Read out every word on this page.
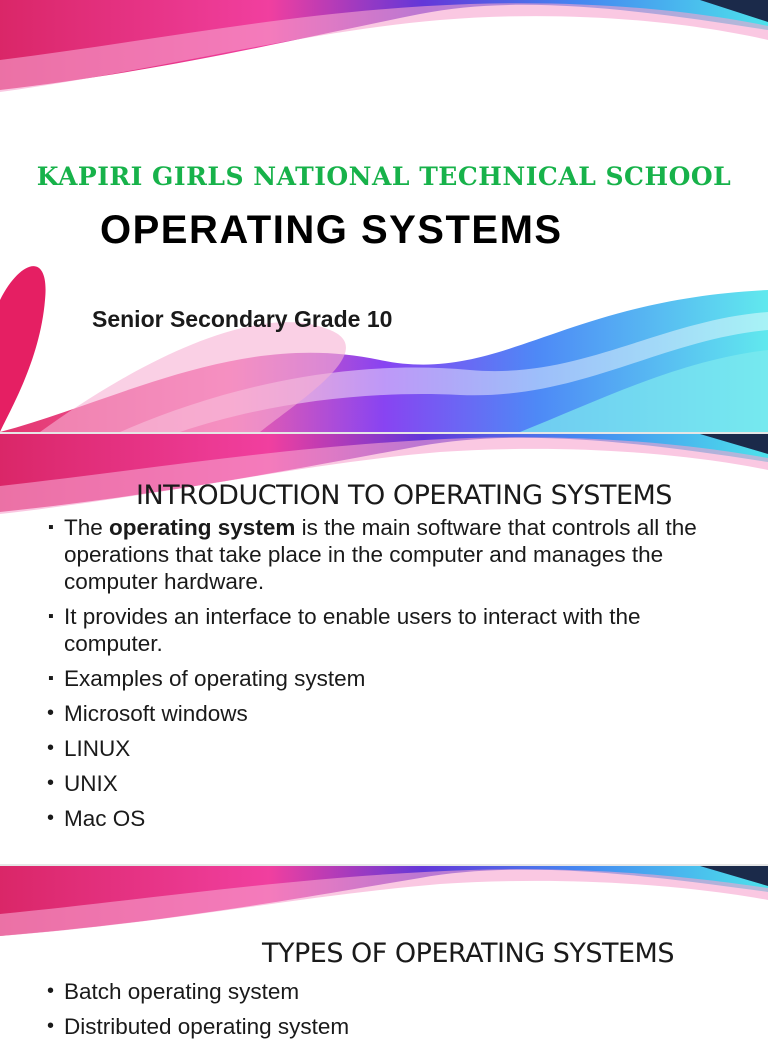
KAPIRI GIRLS NATIONAL TECHNICAL SCHOOL
OPERATING SYSTEMS
Senior Secondary Grade 10
INTRODUCTION TO OPERATING SYSTEMS
▪ The operating system is the main software that controls all the operations that take place in the computer and manages the computer hardware.
▪ It provides an interface to enable users to interact with the computer.
▪ Examples of operating system
• Microsoft windows
• LINUX
• UNIX
• Mac OS
TYPES OF OPERATING SYSTEMS
• Batch operating system
• Distributed operating system
